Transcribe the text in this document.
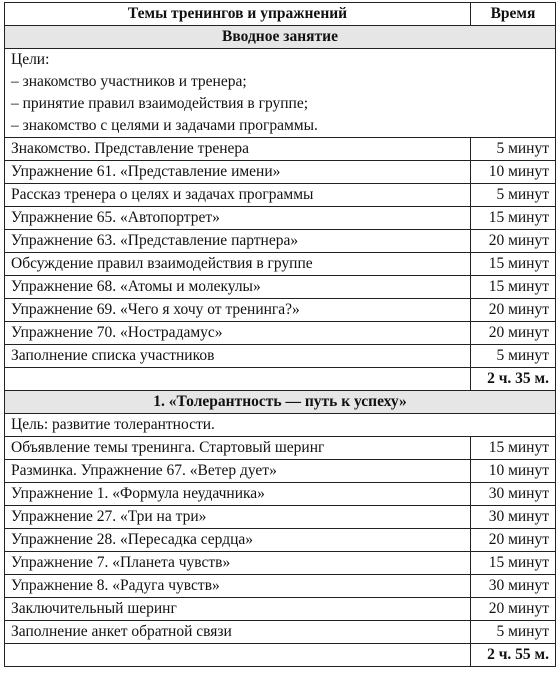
Темы тренингов и упражнений	Время
Вводное занятие	

Цели:
– знакомство участников и тренера;
– принятие правил взаимодействия в группе;
– знакомство с целями и задачами программы.	

Знакомство. Представление тренера	5 минут
Упражнение 61. «Представление имени»	10 минут
Рассказ тренера о целях и задачах программы	5 минут
Упражнение 65. «Автопортрет»	15 минут
Упражнение 63. «Представление партнера»	20 минут
Обсуждение правил взаимодействия в группе	15 минут
Упражнение 68. «Атомы и молекулы»	15 минут
Упражнение 69. «Чего я хочу от тренинга?»	20 минут
Упражнение 70. «Нострадамус»	20 минут
Заполнение списка участников	5 минут
	2 ч. 35 м.
1. «Толерантность — путь к успеху»	
Цель: развитие толерантности.	
Объявление темы тренинга. Стартовый шеринг	15 минут
Разминка. Упражнение 67. «Ветер дует»	10 минут
Упражнение 1. «Формула неудачника»	30 минут
Упражнение 27. «Три на три»	30 минут
Упражнение 28. «Пересадка сердца»	20 минут
Упражнение 7. «Планета чувств»	15 минут
Упражнение 8. «Радуга чувств»	30 минут
Заключительный шеринг	20 минут
Заполнение анкет обратной связи	5 минут
	2 ч. 55 м.
